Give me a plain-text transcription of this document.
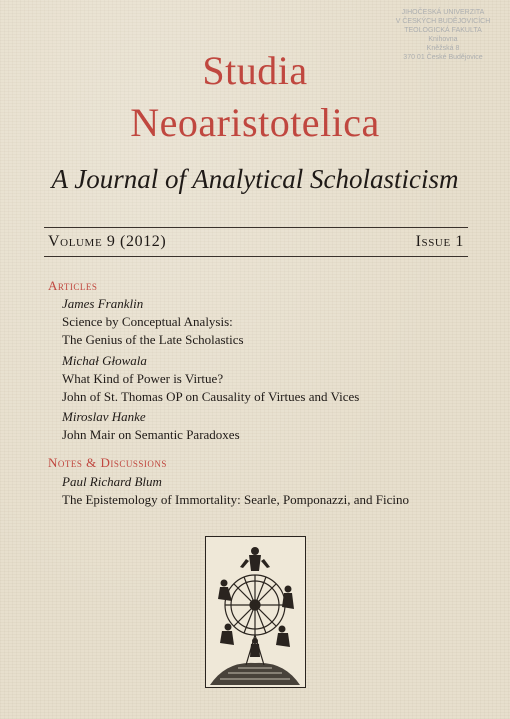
JIHOČESKÁ UNIVERZITA
V ČESKÝCH BUDĚJOVICÍCH
TEOLOGICKÁ FAKULTA
Knihovna
Kněžská 8
370 01 České Budějovice
Studia
Neoaristotelica
A Journal of Analytical Scholasticism
Volume 9 (2012)	Issue 1
Articles
James Franklin
Science by Conceptual Analysis:
The Genius of the Late Scholastics
Michał Głowala
What Kind of Power is Virtue?
John of St. Thomas OP on Causality of Virtues and Vices
Miroslav Hanke
John Mair on Semantic Paradoxes
Notes & Discussions
Paul Richard Blum
The Epistemology of Immortality: Searle, Pomponazzi, and Ficino
